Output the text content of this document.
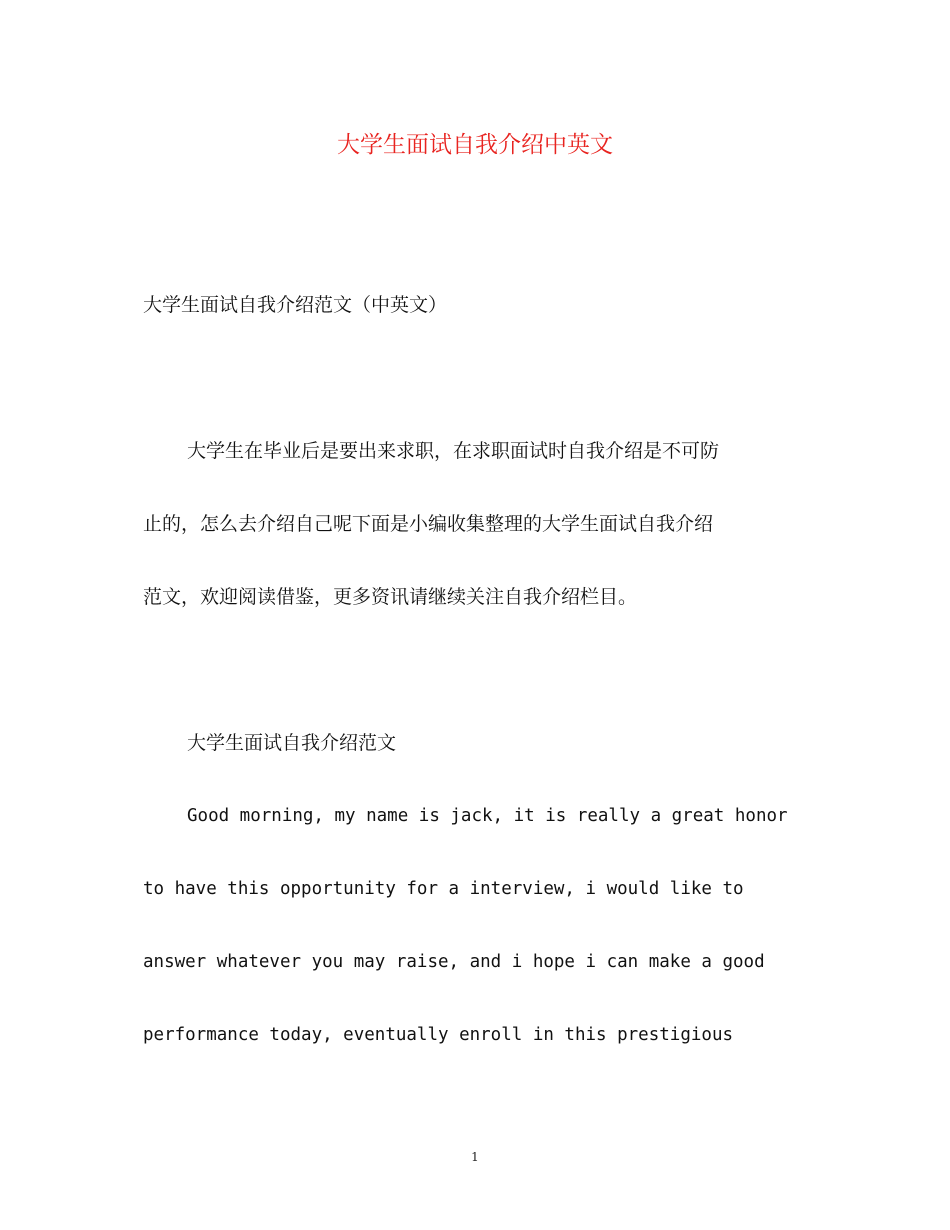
大学生面试自我介绍中英文
大学生面试自我介绍范文（中英文）
大学生在毕业后是要出来求职，在求职面试时自我介绍是不可防
止的，怎么去介绍自己呢下面是小编收集整理的大学生面试自我介绍
范文，欢迎阅读借鉴，更多资讯请继续关注自我介绍栏目。
大学生面试自我介绍范文
Good morning, my name is jack, it is really a great honor
to have this opportunity for a interview, i would like to
answer whatever you may raise, and i hope i can make a good
performance today, eventually enroll in this prestigious
1
